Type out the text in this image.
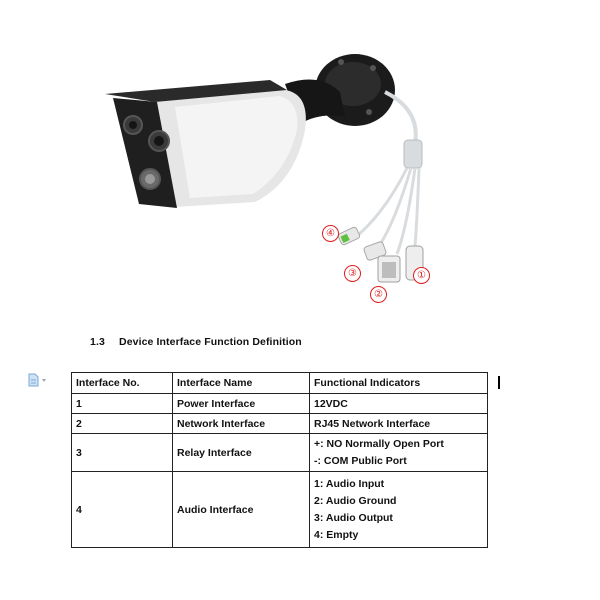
④
③
②
①
1.3 Device Interface Function Definition
Interface No.	Interface Name	Functional Indicators
1	Power Interface	12VDC
2	Network Interface	RJ45 Network Interface
3	Relay Interface	+: NO Normally Open Port
-: COM Public Port

4	Audio Interface	1: Audio Input
2: Audio Ground
3: Audio Output
4: Empty
